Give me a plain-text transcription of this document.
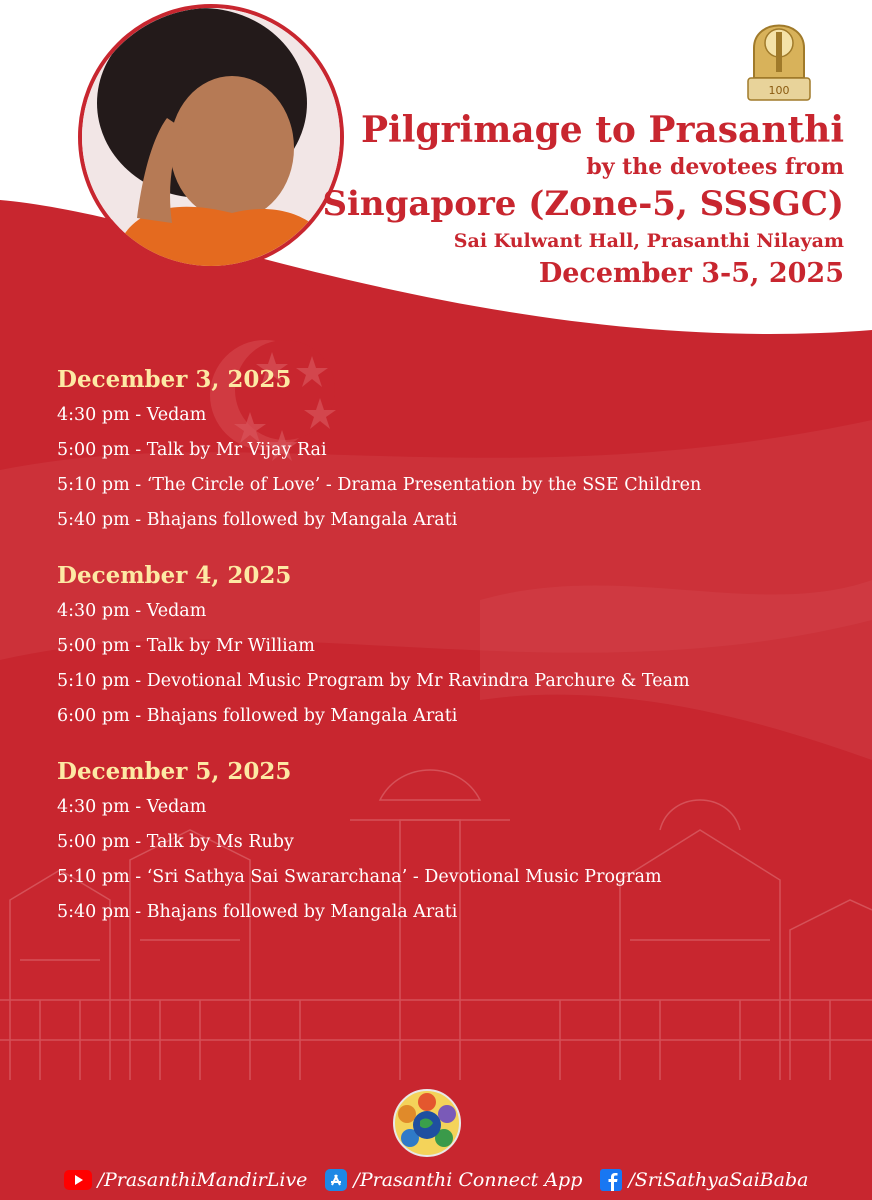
100
Pilgrimage to Prasanthi
by the devotees from
Singapore (Zone-5, SSSGC)
Sai Kulwant Hall, Prasanthi Nilayam
December 3-5, 2025
December 3, 2025
4:30 pm - Vedam
5:00 pm - Talk by Mr Vijay Rai
5:10 pm - ‘The Circle of Love’ - Drama Presentation by the SSE Children
5:40 pm - Bhajans followed by Mangala Arati
December 4, 2025
4:30 pm - Vedam
5:00 pm - Talk by Mr William
5:10 pm - Devotional Music Program by Mr Ravindra Parchure & Team
6:00 pm - Bhajans followed by Mangala Arati
December 5, 2025
4:30 pm - Vedam
5:00 pm - Talk by Ms Ruby
5:10 pm - ‘Sri Sathya Sai Swararchana’ - Devotional Music Program
5:40 pm - Bhajans followed by Mangala Arati
/PrasanthiMandirLive /Prasanthi Connect App /SriSathyaSaiBaba
